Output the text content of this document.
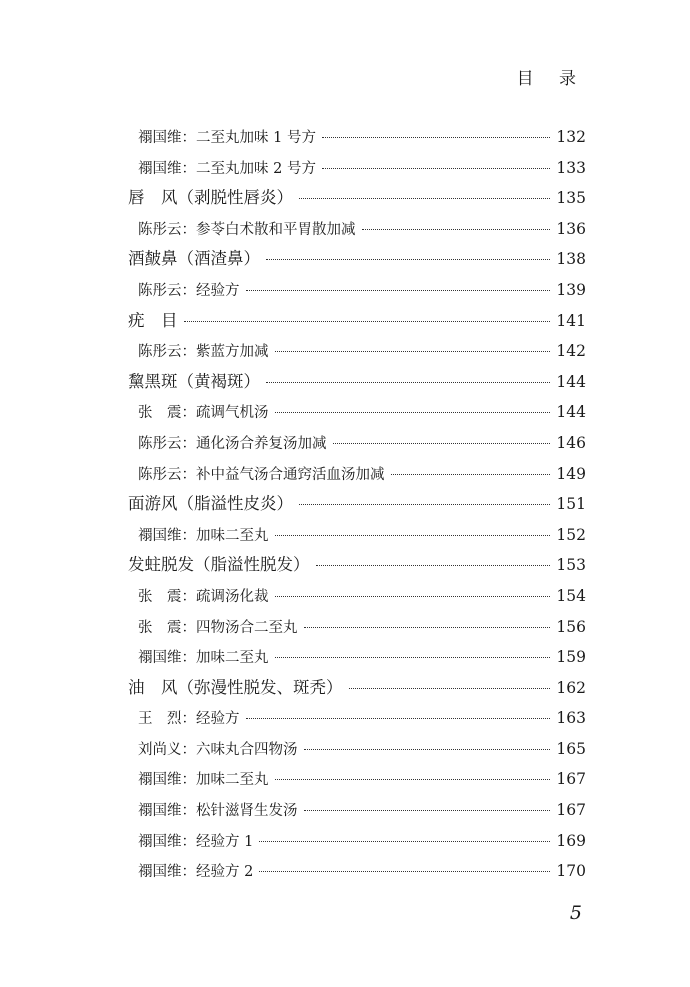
目 录
禤国维：二至丸加味 1 号方	132
禤国维：二至丸加味 2 号方	133
唇　风（剥脱性唇炎）	135
陈彤云：参苓白术散和平胃散加减	136
酒皶鼻（酒渣鼻）	138
陈彤云：经验方	139
疣　目	141
陈彤云：紫蓝方加减	142
黧黑斑（黄褐斑）	144
张　震：疏调气机汤	144
陈彤云：通化汤合养复汤加减	146
陈彤云：补中益气汤合通窍活血汤加减	149
面游风（脂溢性皮炎）	151
禤国维：加味二至丸	152
发蛀脱发（脂溢性脱发）	153
张　震：疏调汤化裁	154
张　震：四物汤合二至丸	156
禤国维：加味二至丸	159
油　风（弥漫性脱发、斑秃）	162
王　烈：经验方	163
刘尚义：六味丸合四物汤	165
禤国维：加味二至丸	167
禤国维：松针滋肾生发汤	167
禤国维：经验方 1	169
禤国维：经验方 2	170
5
